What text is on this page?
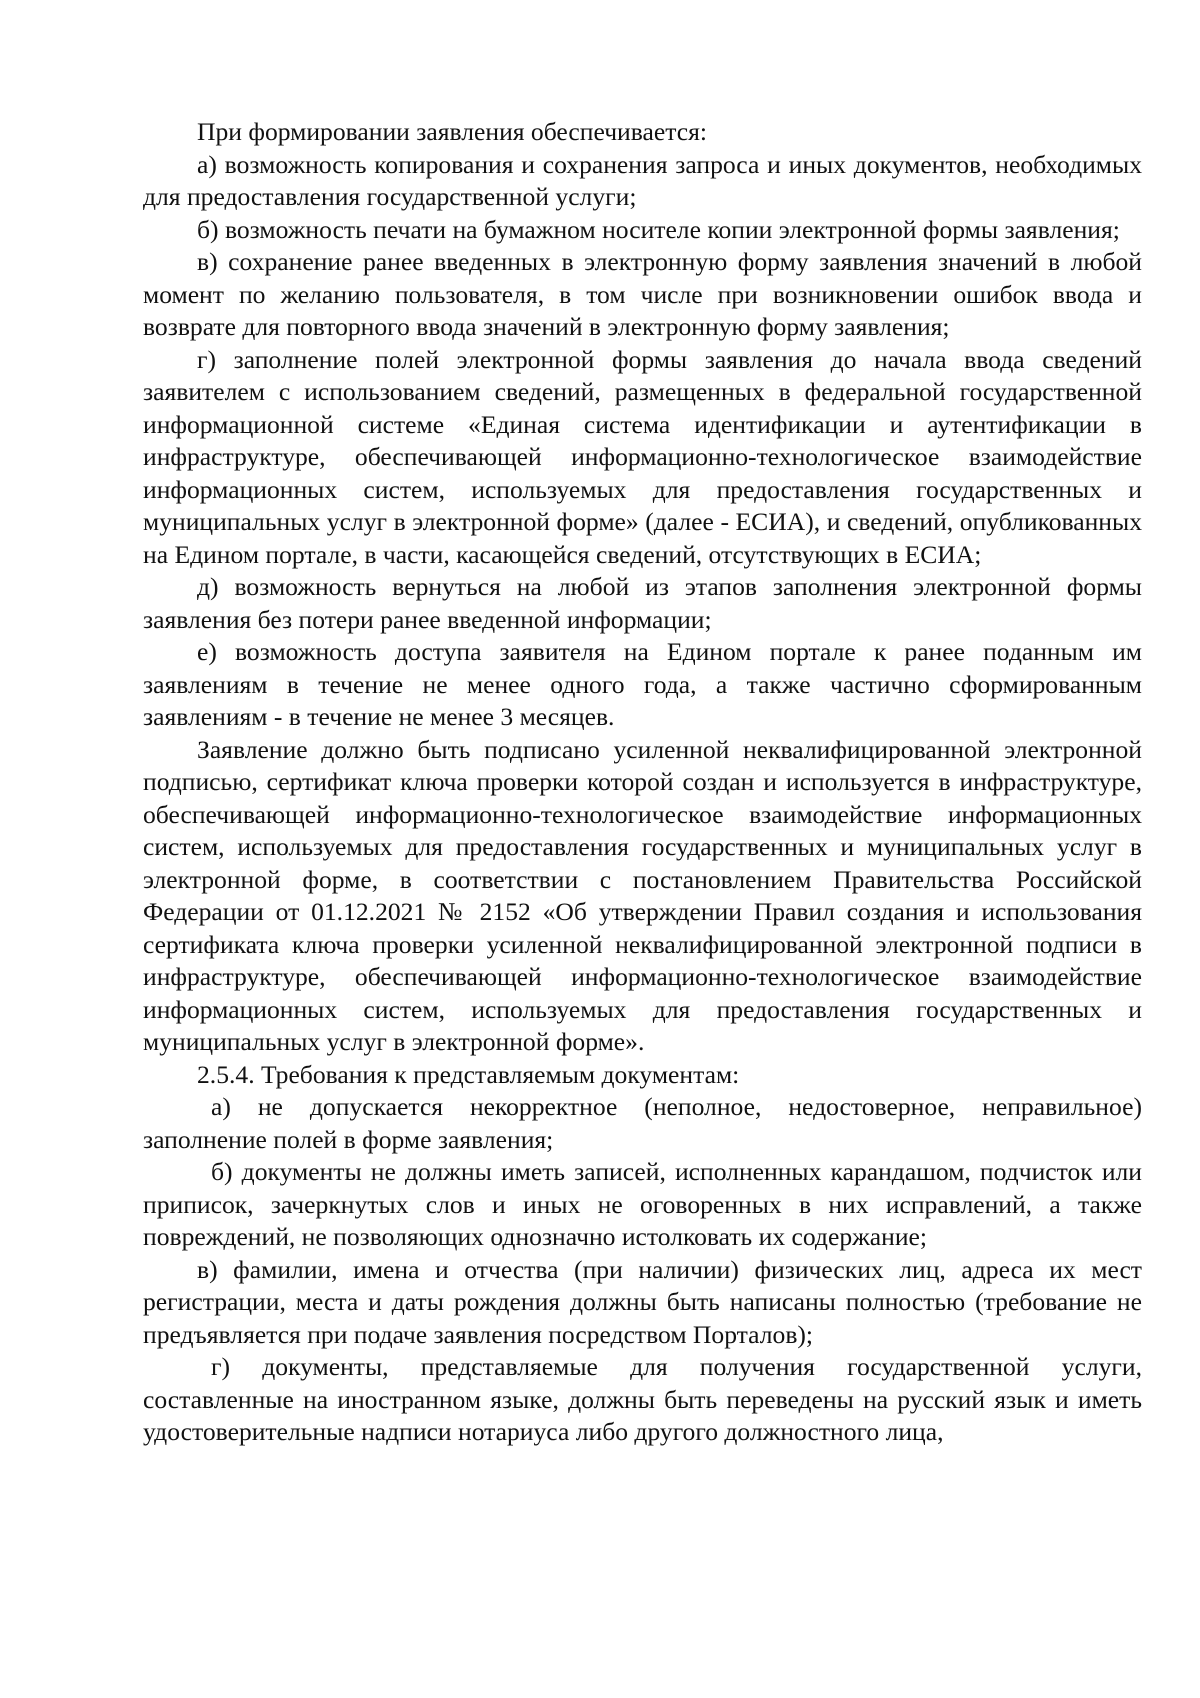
При формировании заявления обеспечивается:

а) возможность копирования и сохранения запроса и иных документов, необходимых для предоставления государственной услуги;

б) возможность печати на бумажном носителе копии электронной формы заявления;

в) сохранение ранее введенных в электронную форму заявления значений в любой момент по желанию пользователя, в том числе при возникновении ошибок ввода и возврате для повторного ввода значений в электронную форму заявления;

г) заполнение полей электронной формы заявления до начала ввода сведений заявителем с использованием сведений, размещенных в федеральной государственной информационной системе «Единая система идентификации и аутентификации в инфраструктуре, обеспечивающей информационно-технологическое взаимодействие информационных систем, используемых для предоставления государственных и муниципальных услуг в электронной форме» (далее - ЕСИА), и сведений, опубликованных на Едином портале, в части, касающейся сведений, отсутствующих в ЕСИА;

д) возможность вернуться на любой из этапов заполнения электронной формы заявления без потери ранее введенной информации;

е) возможность доступа заявителя на Едином портале к ранее поданным им заявлениям в течение не менее одного года, а также частично сформированным заявлениям - в течение не менее 3 месяцев.

Заявление должно быть подписано усиленной неквалифицированной электронной подписью, сертификат ключа проверки которой создан и используется в инфраструктуре, обеспечивающей информационно-технологическое взаимодействие информационных систем, используемых для предоставления государственных и муниципальных услуг в электронной форме, в соответствии с постановлением Правительства Российской Федерации от 01.12.2021 № 2152 «Об утверждении Правил создания и использования сертификата ключа проверки усиленной неквалифицированной электронной подписи в инфраструктуре, обеспечивающей информационно-технологическое взаимодействие информационных систем, используемых для предоставления государственных и муниципальных услуг в электронной форме».

2.5.4. Требования к представляемым документам:

а) не допускается некорректное (неполное, недостоверное, неправильное) заполнение полей в форме заявления;

б) документы не должны иметь записей, исполненных карандашом, подчисток или приписок, зачеркнутых слов и иных не оговоренных в них исправлений, а также повреждений, не позволяющих однозначно истолковать их содержание;

в) фамилии, имена и отчества (при наличии) физических лиц, адреса их мест регистрации, места и даты рождения должны быть написаны полностью (требование не предъявляется при подаче заявления посредством Порталов);

г) документы, представляемые для получения государственной услуги, составленные на иностранном языке, должны быть переведены на русский язык и иметь удостоверительные надписи нотариуса либо другого должностного лица,
